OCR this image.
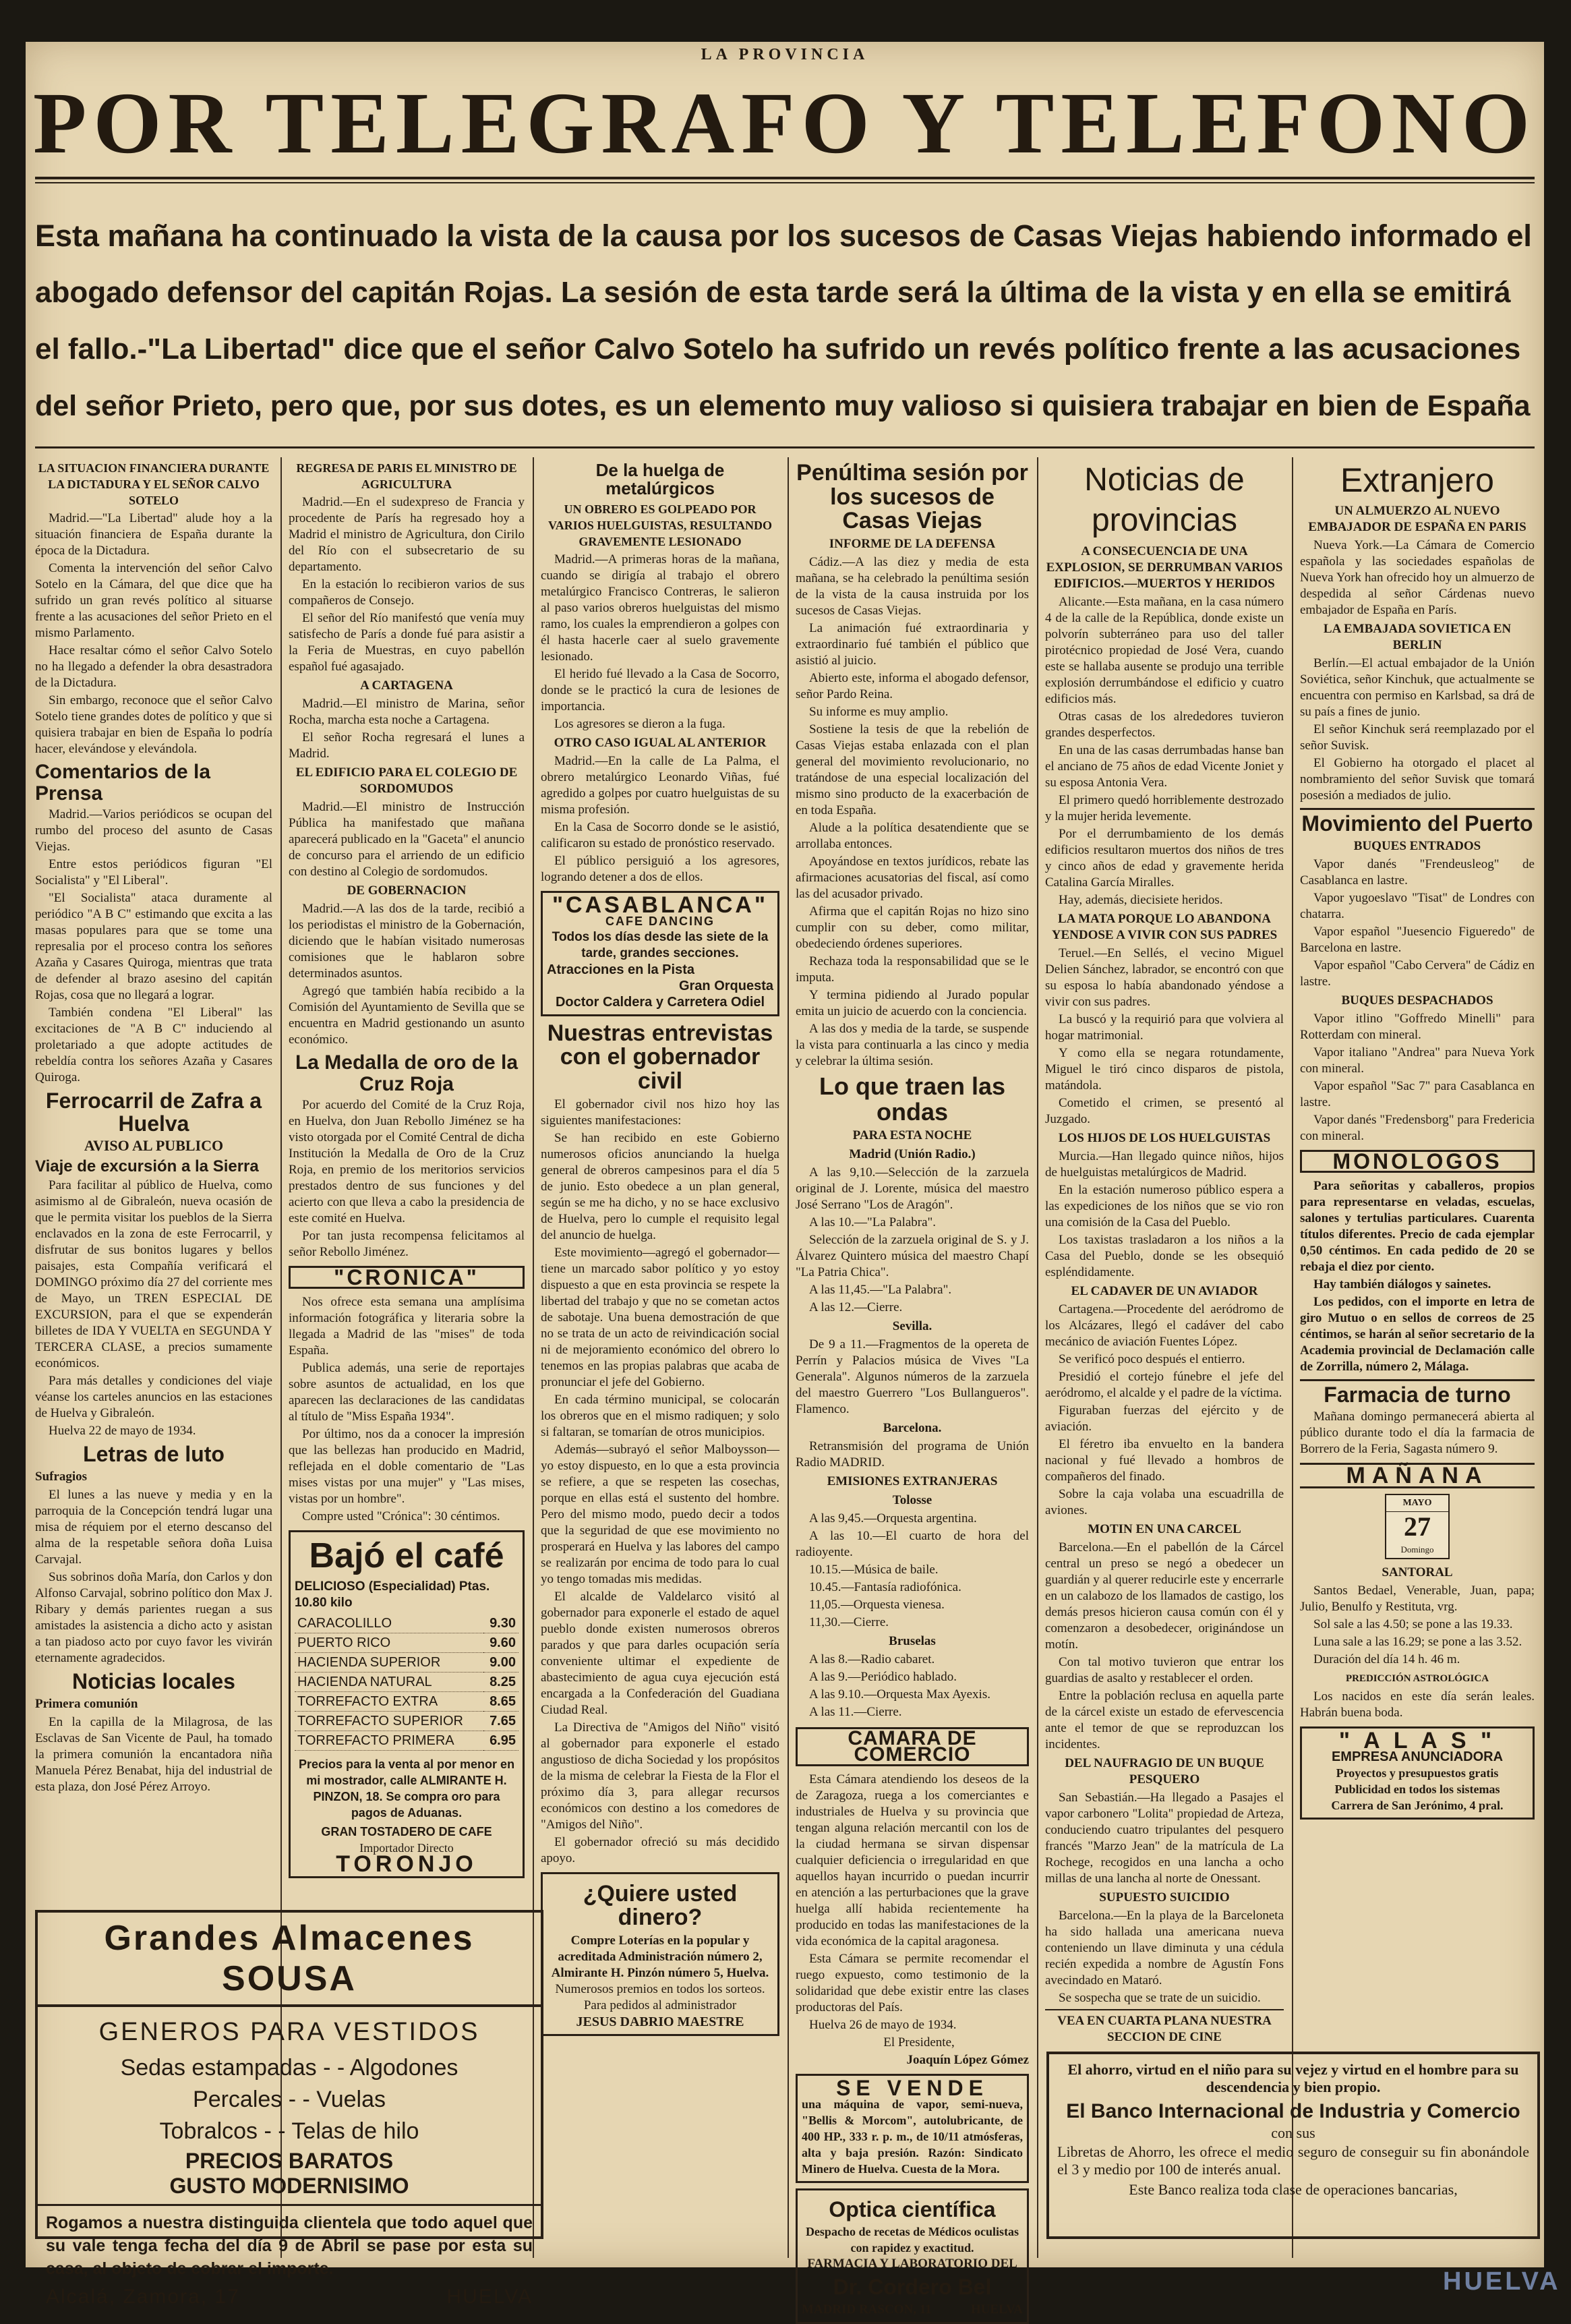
LA PROVINCIA
POR TELEGRAFO Y TELEFONO
Esta mañana ha continuado la vista de la causa por los sucesos de Casas Viejas habiendo informado el
abogado defensor del capitán Rojas. La sesión de esta tarde será la última de la vista y en ella se emitirá
el fallo.-"La Libertad" dice que el señor Calvo Sotelo ha sufrido un revés político frente a las acusaciones
del señor Prieto, pero que, por sus dotes, es un elemento muy valioso si quisiera trabajar en bien de España
LA SITUACION FINANCIERA DURANTE LA DICTADURA Y EL SEÑOR CALVO SOTELO

Madrid.—"La Libertad" alude hoy a la situación financiera de España durante la época de la Dictadura.

Comenta la intervención del señor Calvo Sotelo en la Cámara, del que dice que ha sufrido un gran revés político al situarse frente a las acusaciones del señor Prieto en el mismo Parlamento.

Hace resaltar cómo el señor Calvo Sotelo no ha llegado a defender la obra desastradora de la Dictadura.

Sin embargo, reconoce que el señor Calvo Sotelo tiene grandes dotes de político y que si quisiera trabajar en bien de España lo podría hacer, elevándose y elevándola.

Comentarios de la Prensa

Madrid.—Varios periódicos se ocupan del rumbo del proceso del asunto de Casas Viejas.

Entre estos periódicos figuran "El Socialista" y "El Liberal".

"El Socialista" ataca duramente al periódico "A B C" estimando que excita a las masas populares para que se tome una represalia por el proceso contra los señores Azaña y Casares Quiroga, mientras que trata de defender al brazo asesino del capitán Rojas, cosa que no llegará a lograr.

También condena "El Liberal" las excitaciones de "A B C" induciendo al proletariado a que adopte actitudes de rebeldía contra los señores Azaña y Casares Quiroga.

Ferrocarril de Zafra a Huelva
AVISO AL PUBLICO
Viaje de excursión a la Sierra

Para facilitar al público de Huelva, como asimismo al de Gibraleón, nueva ocasión de que le permita visitar los pueblos de la Sierra enclavados en la zona de este Ferrocarril, y disfrutar de sus bonitos lugares y bellos paisajes, esta Compañía verificará el DOMINGO próximo día 27 del corriente mes de Mayo, un TREN ESPECIAL DE EXCURSION, para el que se expenderán billetes de IDA Y VUELTA en SEGUNDA Y TERCERA CLASE, a precios sumamente económicos.

Para más detalles y condiciones del viaje véanse los carteles anuncios en las estaciones de Huelva y Gibraleón.

Huelva 22 de mayo de 1934.

Letras de luto
Sufragios

El lunes a las nueve y media y en la parroquia de la Concepción tendrá lugar una misa de réquiem por el eterno descanso del alma de la respetable señora doña Luisa Carvajal.

Sus sobrinos doña María, don Carlos y don Alfonso Carvajal, sobrino político don Max J. Ribary y demás parientes ruegan a sus amistades la asistencia a dicho acto y asistan a tan piadoso acto por cuyo favor les vivirán eternamente agradecidos.

Noticias locales
Primera comunión

En la capilla de la Milagrosa, de las Esclavas de San Vicente de Paul, ha tomado la primera comunión la encantadora niña Manuela Pérez Benabat, hija del industrial de esta plaza, don José Pérez Arroyo.

REGRESA DE PARIS EL MINISTRO DE AGRICULTURA

Madrid.—En el sudexpreso de Francia y procedente de París ha regresado hoy a Madrid el ministro de Agricultura, don Cirilo del Río con el subsecretario de su departamento.

En la estación lo recibieron varios de sus compañeros de Consejo.

El señor del Río manifestó que venía muy satisfecho de París a donde fué para asistir a la Feria de Muestras, en cuyo pabellón español fué agasajado.

A CARTAGENA

Madrid.—El ministro de Marina, señor Rocha, marcha esta noche a Cartagena.

El señor Rocha regresará el lunes a Madrid.

EL EDIFICIO PARA EL COLEGIO DE SORDOMUDOS

Madrid.—El ministro de Instrucción Pública ha manifestado que mañana aparecerá publicado en la "Gaceta" el anuncio de concurso para el arriendo de un edificio con destino al Colegio de sordomudos.

DE GOBERNACION

Madrid.—A las dos de la tarde, recibió a los periodistas el ministro de la Gobernación, diciendo que le habían visitado numerosas comisiones que le hablaron sobre determinados asuntos.

Agregó que también había recibido a la Comisión del Ayuntamiento de Sevilla que se encuentra en Madrid gestionando un asunto económico.

La Medalla de oro de la Cruz Roja

Por acuerdo del Comité de la Cruz Roja, en Huelva, don Juan Rebollo Jiménez se ha visto otorgada por el Comité Central de dicha Institución la Medalla de Oro de la Cruz Roja, en premio de los meritorios servicios prestados dentro de sus funciones y del acierto con que lleva a cabo la presidencia de este comité en Huelva.

Por tan justa recompensa felicitamos al señor Rebollo Jiménez.

"CRONICA"

Nos ofrece esta semana una amplísima información fotográfica y literaria sobre la llegada a Madrid de las "mises" de toda España.

Publica además, una serie de reportajes sobre asuntos de actualidad, en los que aparecen las declaraciones de las candidatas al título de "Miss España 1934".

Por último, nos da a conocer la impresión que las bellezas han producido en Madrid, reflejada en el doble comentario de "Las mises vistas por una mujer" y "Las mises, vistas por un hombre".

Compre usted "Crónica": 30 céntimos.

Bajó el café
DELICIOSO (Especialidad) Ptas. 10.80 kilo
CARACOLILLO	9.30
PUERTO RICO	9.60
HACIENDA SUPERIOR	9.00
HACIENDA NATURAL	8.25
TORREFACTO EXTRA	8.65
TORREFACTO SUPERIOR	7.65
TORREFACTO PRIMERA	6.95
Precios para la venta al por menor en mi mostrador, calle ALMIRANTE H. PINZON, 18. Se compra oro para pagos de Aduanas.
GRAN TOSTADERO DE CAFE
Importador Directo
TORONJO
De la huelga de metalúrgicos
UN OBRERO ES GOLPEADO POR VARIOS HUELGUISTAS, RESULTANDO GRAVEMENTE LESIONADO

Madrid.—A primeras horas de la mañana, cuando se dirigía al trabajo el obrero metalúrgico Francisco Contreras, le salieron al paso varios obreros huelguistas del mismo ramo, los cuales la emprendieron a golpes con él hasta hacerle caer al suelo gravemente lesionado.

El herido fué llevado a la Casa de Socorro, donde se le practicó la cura de lesiones de importancia.

Los agresores se dieron a la fuga.

OTRO CASO IGUAL AL ANTERIOR

Madrid.—En la calle de La Palma, el obrero metalúrgico Leonardo Viñas, fué agredido a golpes por cuatro huelguistas de su misma profesión.

En la Casa de Socorro donde se le asistió, calificaron su estado de pronóstico reservado.

El público persiguió a los agresores, logrando detener a dos de ellos.

"CASABLANCA"
CAFE DANCING
Todos los días desde las siete de la tarde, grandes secciones.
Atracciones en la Pista
Gran Orquesta
Doctor Caldera y Carretera Odiel
Nuestras entrevistas con el gobernador civil

El gobernador civil nos hizo hoy las siguientes manifestaciones:

Se han recibido en este Gobierno numerosos oficios anunciando la huelga general de obreros campesinos para el día 5 de junio. Esto obedece a un plan general, según se me ha dicho, y no se hace exclusivo de Huelva, pero lo cumple el requisito legal del anuncio de huelga.

Este movimiento—agregó el gobernador—tiene un marcado sabor político y yo estoy dispuesto a que en esta provincia se respete la libertad del trabajo y que no se cometan actos de sabotaje. Una buena demostración de que no se trata de un acto de reivindicación social ni de mejoramiento económico del obrero lo tenemos en las propias palabras que acaba de pronunciar el jefe del Gobierno.

En cada término municipal, se colocarán los obreros que en el mismo radiquen; y solo si faltaran, se tomarían de otros municipios.

Además—subrayó el señor Malboysson—yo estoy dispuesto, en lo que a esta provincia se refiere, a que se respeten las cosechas, porque en ellas está el sustento del hombre. Pero del mismo modo, puedo decir a todos que la seguridad de que ese movimiento no prosperará en Huelva y las labores del campo se realizarán por encima de todo para lo cual yo tengo tomadas mis medidas.

El alcalde de Valdelarco visitó al gobernador para exponerle el estado de aquel pueblo donde existen numerosos obreros parados y que para darles ocupación sería conveniente ultimar el expediente de abastecimiento de agua cuya ejecución está encargada a la Confederación del Guadiana Ciudad Real.

La Directiva de "Amigos del Niño" visitó al gobernador para exponerle el estado angustioso de dicha Sociedad y los propósitos de la misma de celebrar la Fiesta de la Flor el próximo día 3, para allegar recursos económicos con destino a los comedores de "Amigos del Niño".

El gobernador ofreció su más decidido apoyo.

¿Quiere usted dinero?
Compre Loterías en la popular y acreditada Administración número 2, Almirante H. Pinzón número 5, Huelva.
Numerosos premios en todos los sorteos. Para pedidos al administrador
JESUS DABRIO MAESTRE
Penúltima sesión por los sucesos de Casas Viejas
INFORME DE LA DEFENSA

Cádiz.—A las diez y media de esta mañana, se ha celebrado la penúltima sesión de la vista de la causa instruida por los sucesos de Casas Viejas.

La animación fué extraordinaria y extraordinario fué también el público que asistió al juicio.

Abierto este, informa el abogado defensor, señor Pardo Reina.

Su informe es muy amplio.

Sostiene la tesis de que la rebelión de Casas Viejas estaba enlazada con el plan general del movimiento revolucionario, no tratándose de una especial localización del mismo sino producto de la exacerbación de en toda España.

Alude a la política desatendiente que se arrollaba entonces.

Apoyándose en textos jurídicos, rebate las afirmaciones acusatorias del fiscal, así como las del acusador privado.

Afirma que el capitán Rojas no hizo sino cumplir con su deber, como militar, obedeciendo órdenes superiores.

Rechaza toda la responsabilidad que se le imputa.

Y termina pidiendo al Jurado popular emita un juicio de acuerdo con la conciencia.

A las dos y media de la tarde, se suspende la vista para continuarla a las cinco y media y celebrar la última sesión.

Lo que traen las ondas
PARA ESTA NOCHE
Madrid (Unión Radio.)

A las 9,10.—Selección de la zarzuela original de J. Lorente, música del maestro José Serrano "Los de Aragón".

A las 10.—"La Palabra".

Selección de la zarzuela original de S. y J. Álvarez Quintero música del maestro Chapí "La Patria Chica".

A las 11,45.—"La Palabra".

A las 12.—Cierre.

Sevilla.

De 9 a 11.—Fragmentos de la opereta de Perrín y Palacios música de Vives "La Generala". Algunos números de la zarzuela del maestro Guerrero "Los Bullangueros". Flamenco.

Barcelona.

Retransmisión del programa de Unión Radio MADRID.

EMISIONES EXTRANJERAS
Tolosse

A las 9,45.—Orquesta argentina.

A las 10.—El cuarto de hora del radioyente.

10.15.—Música de baile.

10.45.—Fantasía radiofónica.

11,05.—Orquesta vienesa.

11,30.—Cierre.

Bruselas

A las 8.—Radio cabaret.

A las 9.—Periódico hablado.

A las 9.10.—Orquesta Max Ayexis.

A las 11.—Cierre.

CAMARA DE COMERCIO

Esta Cámara atendiendo los deseos de la de Zaragoza, ruega a los comerciantes e industriales de Huelva y su provincia que tengan alguna relación mercantil con los de la ciudad hermana se sirvan dispensar cualquier deficiencia o irregularidad en que aquellos hayan incurrido o puedan incurrir en atención a las perturbaciones que la grave huelga allí habida recientemente ha producido en todas las manifestaciones de la vida económica de la capital aragonesa.

Esta Cámara se permite recomendar el ruego expuesto, como testimonio de la solidaridad que debe existir entre las clases productoras del País.

Huelva 26 de mayo de 1934.

El Presidente,

Joaquín López Gómez

SE VENDE
una máquina de vapor, semi-nueva, "Bellis & Morcom", autolubricante, de 400 HP., 333 r. p. m., de 10/11 atmósferas, alta y baja presión. Razón: Sindicato Minero de Huelva. Cuesta de la Mora.
Optica científica
Despacho de recetas de Médicos oculistas con rapidez y exactitud.
FARMACIA Y LABORATORIO DEL
Dr. Cordero Bel
MADRID RASCON, 11	HUELVA
Noticias de provincias
A CONSECUENCIA DE UNA EXPLOSION, SE DERRUMBAN VARIOS EDIFICIOS.—MUERTOS Y HERIDOS

Alicante.—Esta mañana, en la casa número 4 de la calle de la República, donde existe un polvorín subterráneo para uso del taller pirotécnico propiedad de José Vera, cuando este se hallaba ausente se produjo una terrible explosión derrumbándose el edificio y cuatro edificios más.

Otras casas de los alrededores tuvieron grandes desperfectos.

En una de las casas derrumbadas hanse ban el anciano de 75 años de edad Vicente Joniet y su esposa Antonia Vera.

El primero quedó horriblemente destrozado y la mujer herida levemente.

Por el derrumbamiento de los demás edificios resultaron muertos dos niños de tres y cinco años de edad y gravemente herida Catalina García Miralles.

Hay, además, diecisiete heridos.

LA MATA PORQUE LO ABANDONA YENDOSE A VIVIR CON SUS PADRES

Teruel.—En Sellés, el vecino Miguel Delien Sánchez, labrador, se encontró con que su esposa lo había abandonado yéndose a vivir con sus padres.

La buscó y la requirió para que volviera al hogar matrimonial.

Y como ella se negara rotundamente, Miguel le tiró cinco disparos de pistola, matándola.

Cometido el crimen, se presentó al Juzgado.

LOS HIJOS DE LOS HUELGUISTAS

Murcia.—Han llegado quince niños, hijos de huelguistas metalúrgicos de Madrid.

En la estación numeroso público espera a las expediciones de los niños que se vio ron una comisión de la Casa del Pueblo.

Los taxistas trasladaron a los niños a la Casa del Pueblo, donde se les obsequió espléndidamente.

EL CADAVER DE UN AVIADOR

Cartagena.—Procedente del aeródromo de los Alcázares, llegó el cadáver del cabo mecánico de aviación Fuentes López.

Se verificó poco después el entierro.

Presidió el cortejo fúnebre el jefe del aeródromo, el alcalde y el padre de la víctima.

Figuraban fuerzas del ejército y de aviación.

El féretro iba envuelto en la bandera nacional y fué llevado a hombros de compañeros del finado.

Sobre la caja volaba una escuadrilla de aviones.

MOTIN EN UNA CARCEL

Barcelona.—En el pabellón de la Cárcel central un preso se negó a obedecer un guardián y al querer reducirle este y encerrarle en un calabozo de los llamados de castigo, los demás presos hicieron causa común con él y comenzaron a desobedecer, originándose un motín.

Con tal motivo tuvieron que entrar los guardias de asalto y restablecer el orden.

Entre la población reclusa en aquella parte de la cárcel existe un estado de efervescencia ante el temor de que se reproduzcan los incidentes.

DEL NAUFRAGIO DE UN BUQUE PESQUERO

San Sebastián.—Ha llegado a Pasajes el vapor carbonero "Lolita" propiedad de Arteza, conduciendo cuatro tripulantes del pesquero francés "Marzo Jean" de la matrícula de La Rochege, recogidos en una lancha a ocho millas de una lancha al norte de Onessant.

SUPUESTO SUICIDIO

Barcelona.—En la playa de la Barceloneta ha sido hallada una americana nueva conteniendo un llave diminuta y una cédula recién expedida a nombre de Agustín Fons avecindado en Mataró.

Se sospecha que se trate de un suicidio.

VEA EN CUARTA PLANA NUESTRA SECCION DE CINE
Extranjero
UN ALMUERZO AL NUEVO EMBAJADOR DE ESPAÑA EN PARIS

Nueva York.—La Cámara de Comercio española y las sociedades españolas de Nueva York han ofrecido hoy un almuerzo de despedida al señor Cárdenas nuevo embajador de España en París.

LA EMBAJADA SOVIETICA EN BERLIN

Berlín.—El actual embajador de la Unión Soviética, señor Kinchuk, que actualmente se encuentra con permiso en Karlsbad, sa drá de su país a fines de junio.

El señor Kinchuk será reemplazado por el señor Suvisk.

El Gobierno ha otorgado el placet al nombramiento del señor Suvisk que tomará posesión a mediados de julio.

Movimiento del Puerto
BUQUES ENTRADOS

Vapor danés "Frendeusleog" de Casablanca en lastre.

Vapor yugoeslavo "Tisat" de Londres con chatarra.

Vapor español "Juesencio Figueredo" de Barcelona en lastre.

Vapor español "Cabo Cervera" de Cádiz en lastre.

BUQUES DESPACHADOS

Vapor itlino "Goffredo Minelli" para Rotterdam con mineral.

Vapor italiano "Andrea" para Nueva York con mineral.

Vapor español "Sac 7" para Casablanca en lastre.

Vapor danés "Fredensborg" para Fredericia con mineral.

MONOLOGOS

Para señoritas y caballeros, propios para representarse en veladas, escuelas, salones y tertulias particulares. Cuarenta títulos diferentes. Precio de cada ejemplar 0,50 céntimos. En cada pedido de 20 se rebaja el diez por ciento.

Hay también diálogos y sainetes.

Los pedidos, con el importe en letra de giro Mutuo o en sellos de correos de 25 céntimos, se harán al señor secretario de la Academia provincial de Declamación calle de Zorrilla, número 2, Málaga.

Farmacia de turno

Mañana domingo permanecerá abierta al público durante todo el día la farmacia de Borrero de la Feria, Sagasta número 9.

MAÑANA
MAYO
27
Domingo
SANTORAL

Santos Bedael, Venerable, Juan, papa; Julio, Benulfo y Restituta, vrg.

Sol sale a las 4.50; se pone a las 19.33.

Luna sale a las 16.29; se pone a las 3.52.

Duración del día 14 h. 46 m.

PREDICCIÓN ASTROLÓGICA

Los nacidos en este día serán leales. Habrán buena boda.

" A L A S "
EMPRESA ANUNCIADORA
Proyectos y presupuestos gratis
Publicidad en todos los sistemas
Carrera de San Jerónimo, 4 pral.
Grandes Almacenes SOUSA
GENEROS PARA VESTIDOS
Sedas estampadas - - Algodones
Percales - - Vuelas
Tobralcos - - Telas de hilo
PRECIOS BARATOS
GUSTO MODERNISIMO
Rogamos a nuestra distinguida clientela que todo aquel que su vale tenga fecha del día 9 de Abril se pase por esta su casa, al objeto de cobrar el importe.
Alcalá, Zamora, 17	HUELVA
El ahorro, virtud en el niño para su vejez y virtud en el hombre para su descendencia y bien propio.
El Banco Internacional de Industria y Comercio
con sus
Libretas de Ahorro, les ofrece el medio seguro de conseguir su fin abonándole el 3 y medio por 100 de interés anual.
Este Banco realiza toda clase de operaciones bancarias,
HUELVA
